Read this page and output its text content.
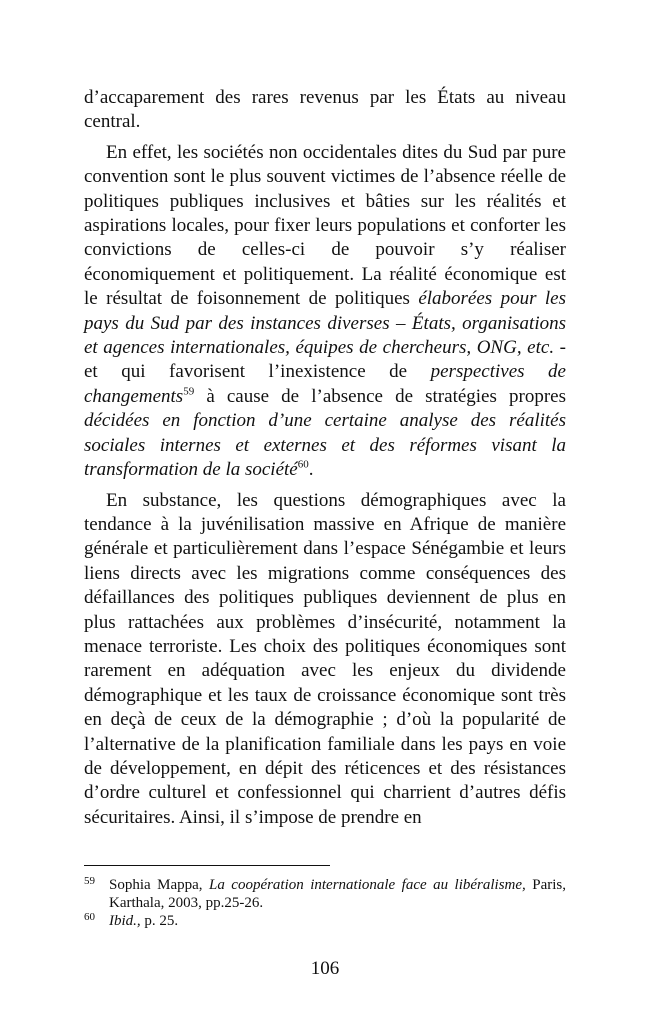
d’accaparement des rares revenus par les États au niveau central.

En effet, les sociétés non occidentales dites du Sud par pure convention sont le plus souvent victimes de l’absence réelle de politiques publiques inclusives et bâties sur les réalités et aspirations locales, pour fixer leurs populations et conforter les convictions de celles-ci de pouvoir s’y réaliser économiquement et politiquement. La réalité économique est le résultat de foisonnement de politiques élaborées pour les pays du Sud par des instances diverses – États, organisations et agences internationales, équipes de chercheurs, ONG, etc. - et qui favorisent l’inexistence de perspectives de changements$^{59}$ à cause de l’absence de stratégies propres décidées en fonction d’une certaine analyse des réalités sociales internes et externes et des réformes visant la transformation de la société$^{60}$.

En substance, les questions démographiques avec la tendance à la juvénilisation massive en Afrique de manière générale et particulièrement dans l’espace Sénégambie et leurs liens directs avec les migrations comme conséquences des défaillances des politiques publiques deviennent de plus en plus rattachées aux problèmes d’insécurité, notamment la menace terroriste. Les choix des politiques économiques sont rarement en adéquation avec les enjeux du dividende démographique et les taux de croissance économique sont très en deçà de ceux de la démographie ; d’où la popularité de l’alternative de la planification familiale dans les pays en voie de développement, en dépit des réticences et des résistances d’ordre culturel et confessionnel qui charrient d’autres défis sécuritaires. Ainsi, il s’impose de prendre en

59 Sophia Mappa, La coopération internationale face au libéralisme, Paris, Karthala, 2003, pp.25-26.
60 Ibid., p. 25.
106
